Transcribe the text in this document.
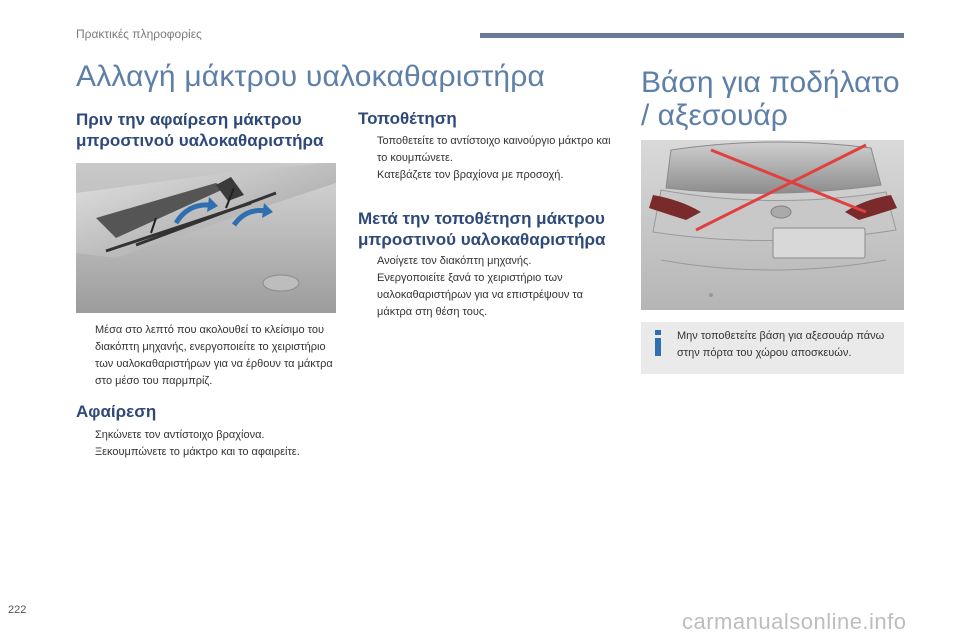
Πρακτικές πληροφορίες
Αλλαγή μάκτρου υαλοκαθαριστήρα
Πριν την αφαίρεση μάκτρου μπροστινού υαλοκαθαριστήρα
Μέσα στο λεπτό που ακολουθεί το κλείσιμο του διακόπτη μηχανής, ενεργοποιείτε το χειριστήριο των υαλοκαθαριστήρων για να έρθουν τα μάκτρα στο μέσο του παρμπρίζ.
Αφαίρεση
Σηκώνετε τον αντίστοιχο βραχίονα.
Ξεκουμπώνετε το μάκτρο και το αφαιρείτε.
Τοποθέτηση
Τοποθετείτε το αντίστοιχο καινούργιο μάκτρο και το κουμπώνετε.
Κατεβάζετε τον βραχίονα με προσοχή.
Μετά την τοποθέτηση μάκτρου μπροστινού υαλοκαθαριστήρα
Ανοίγετε τον διακόπτη μηχανής.
Ενεργοποιείτε ξανά το χειριστήριο των υαλοκαθαριστήρων για να επιστρέψουν τα μάκτρα στη θέση τους.
Βάση για ποδήλατο / αξεσουάρ
Μην τοποθετείτε βάση για αξεσουάρ πάνω στην πόρτα του χώρου αποσκευών.
222	carmanualsonline.info
